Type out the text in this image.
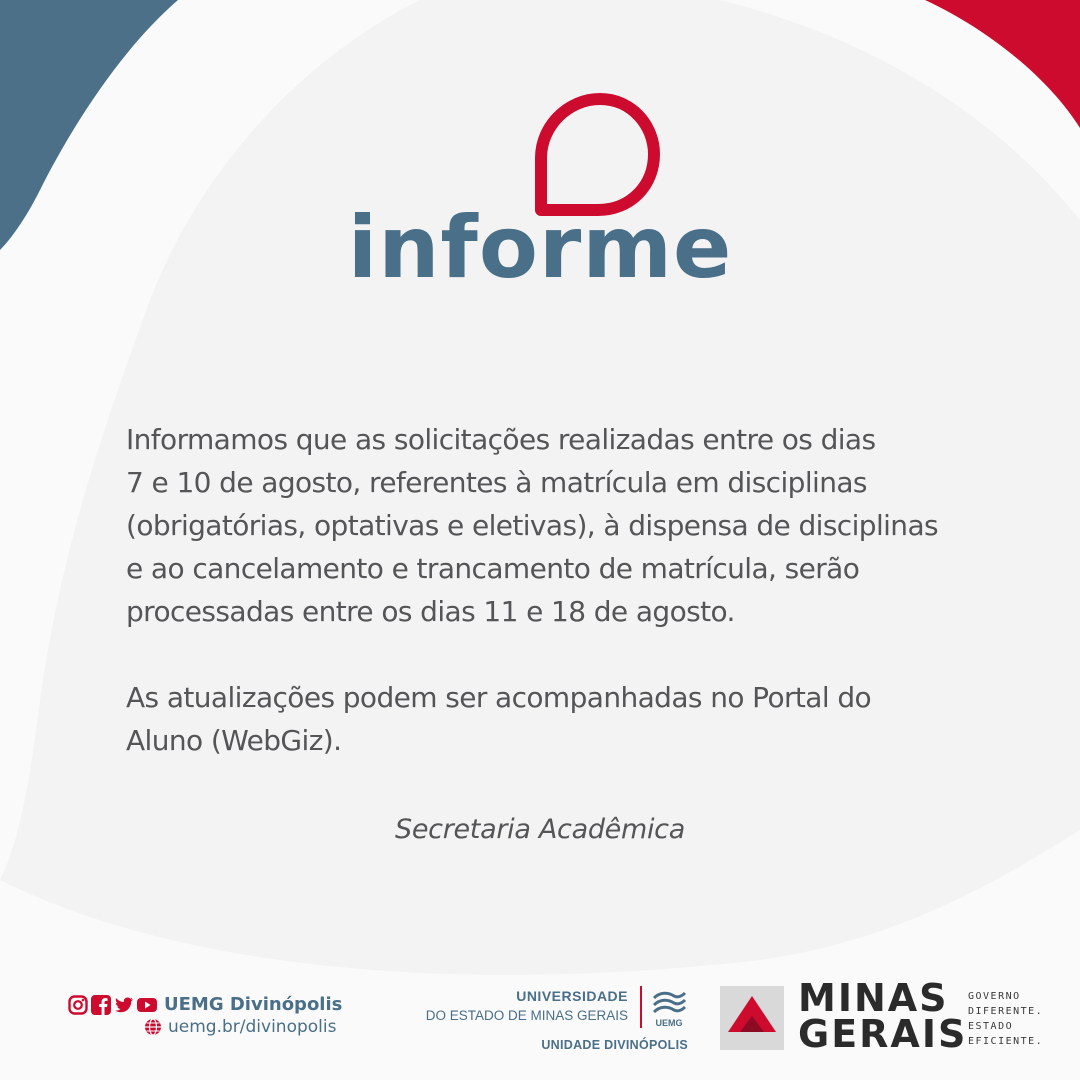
informe

Informamos que as solicitações realizadas entre os dias
7 e 10 de agosto, referentes à matrícula em disciplinas
(obrigatórias, optativas e eletivas), à dispensa de disciplinas
e ao cancelamento e trancamento de matrícula, serão
processadas entre os dias 11 e 18 de agosto.

As atualizações podem ser acompanhadas no Portal do
Aluno (WebGiz).

Secretaria Acadêmica
UEMG Divinópolis
uemg.br/divinopolis
UNIVERSIDADE
DO ESTADO DE MINAS GERAIS	UEMG
UNIDADE DIVINÓPOLIS
MINAS
GERAIS
GOVERNO
DIFERENTE.
ESTADO
EFICIENTE.
